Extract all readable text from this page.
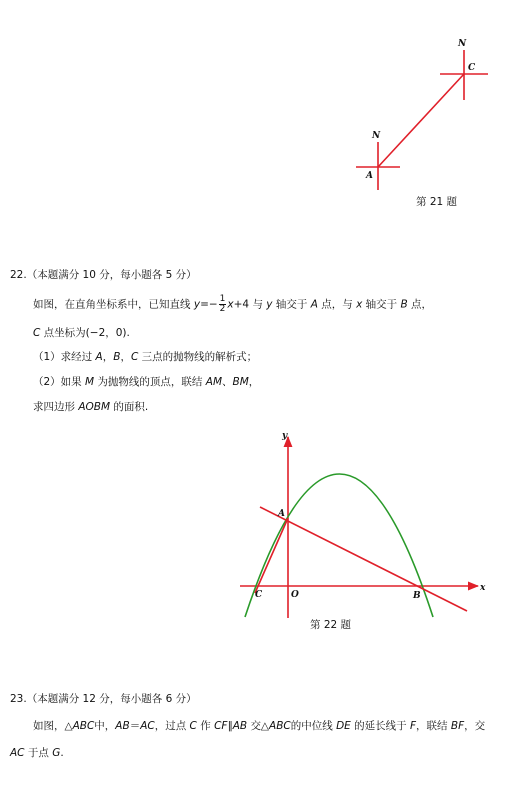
N
C
N
A
第 21 题
22.（本题满分 10 分，每小题各 5 分）
如图，在直角坐标系中，已知直线 $y=- \frac{1}{2} x+4$ 与 y 轴交于 A 点，与 x 轴交于 B 点，
C 点坐标为(−2，0).
（1）求经过 A，B，C 三点的抛物线的解析式；
（2）如果 M 为抛物线的顶点，联结 AM、BM，
求四边形 AOBM 的面积.
y
x
A
C	O	B
第 22 题
23.（本题满分 12 分，每小题各 6 分）
如图，△ABC中，AB＝AC，过点 C 作 CF∥AB 交△ABC的中位线 DE 的延长线于 F，联结 BF，交
AC 于点 G.
